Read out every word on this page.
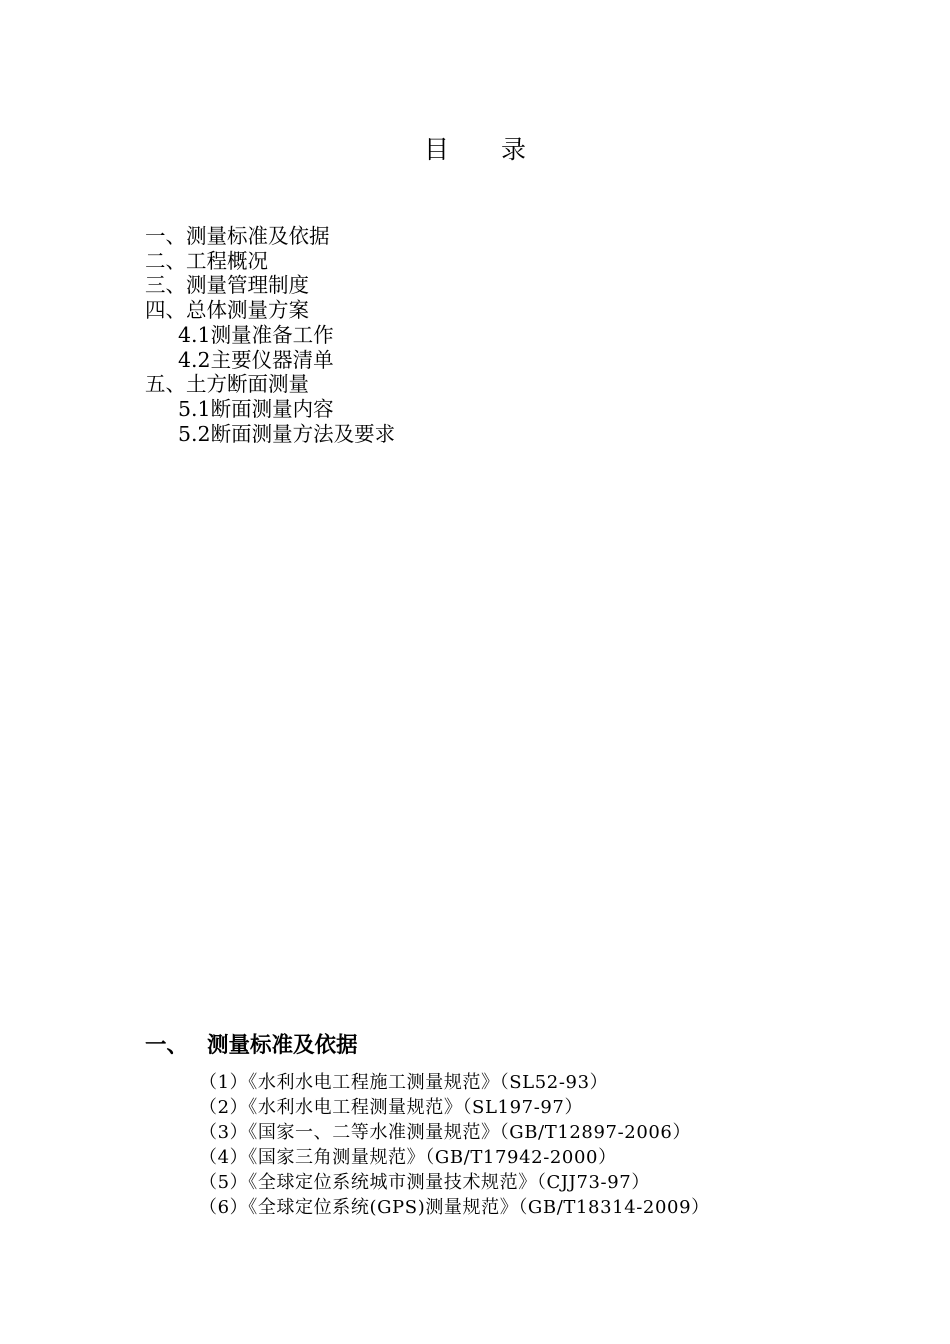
目 录
一、测量标准及依据
二、工程概况
三、测量管理制度
四、总体测量方案
4.1测量准备工作
4.2主要仪器清单
五、土方断面测量
5.1断面测量内容
5.2断面测量方法及要求
一、 测量标准及依据
（1）《水利水电工程施工测量规范》（SL52-93）
（2）《水利水电工程测量规范》（SL197-97）
（3）《国家一、二等水准测量规范》（GB/T12897-2006）
（4）《国家三角测量规范》（GB/T17942-2000）
（5）《全球定位系统城市测量技术规范》（CJJ73-97）
（6）《全球定位系统(GPS)测量规范》（GB/T18314-2009）
